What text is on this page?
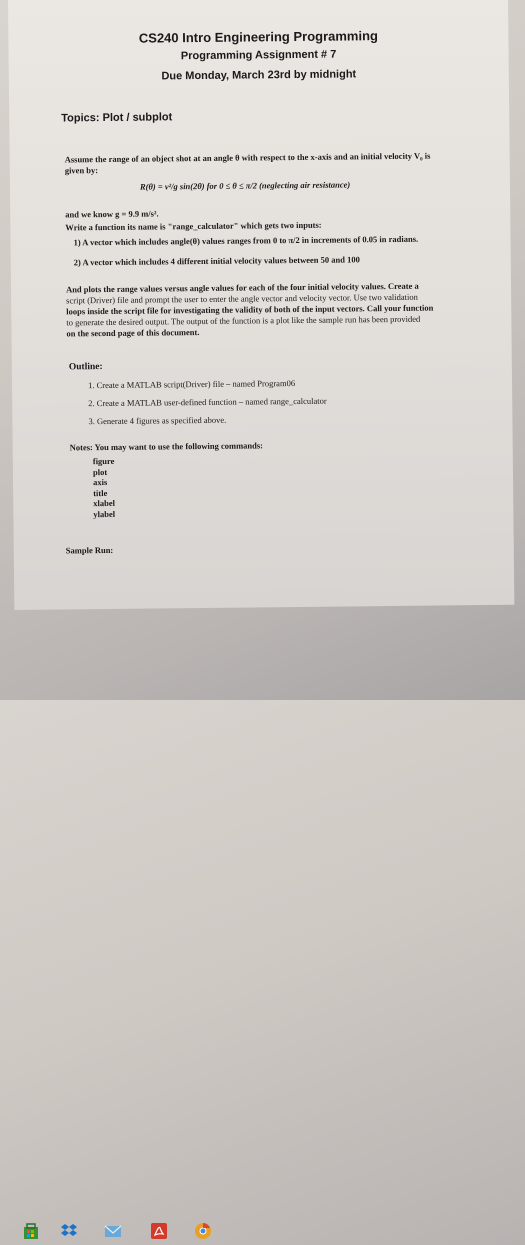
CS240 Intro Engineering Programming
Programming Assignment # 7
Due Monday, March 23rd by midnight
Topics: Plot / subplot
Assume the range of an object shot at an angle θ with respect to the x-axis and an initial velocity V₀ is
given by:
R(θ) = v²/g sin(2θ) for 0 ≤ θ ≤ π/2 (neglecting air resistance)
and we know g = 9.9 m/s².
Write a function its name is "range_calculator" which gets two inputs:
1) A vector which includes angle(θ) values ranges from 0 to π/2 in increments of 0.05 in radians.
2) A vector which includes 4 different initial velocity values between 50 and 100
And plots the range values versus angle values for each of the four initial velocity values. Create a
script (Driver) file and prompt the user to enter the angle vector and velocity vector. Use two validation
loops inside the script file for investigating the validity of both of the input vectors. Call your function
to generate the desired output. The output of the function is a plot like the sample run has been provided
on the second page of this document.
Outline:
1. Create a MATLAB script(Driver) file – named Program06
2. Create a MATLAB user-defined function – named range_calculator
3. Generate 4 figures as specified above.
Notes: You may want to use the following commands:
figure
plot
axis
title
xlabel
ylabel
Sample Run:
